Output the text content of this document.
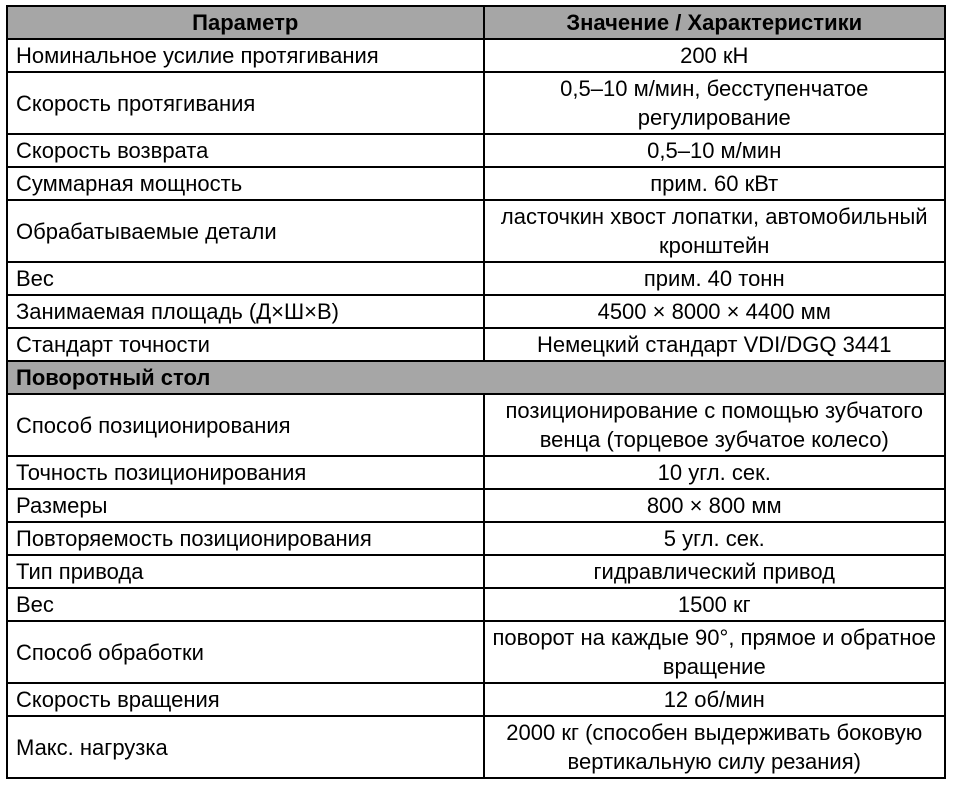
Параметр	Значение / Характеристики
Номинальное усилие протягивания	200 кН
Скорость протягивания	0,5–10 м/мин, бесступенчатое регулирование
Скорость возврата	0,5–10 м/мин
Суммарная мощность	прим. 60 кВт
Обрабатываемые детали	ласточкин хвост лопатки, автомобильный кронштейн
Вес	прим. 40 тонн
Занимаемая площадь (Д×Ш×В)	4500 × 8000 × 4400 мм
Стандарт точности	Немецкий стандарт VDI/DGQ 3441
Поворотный стол	
Способ позиционирования	позиционирование с помощью зубчатого венца (торцевое зубчатое колесо)
Точность позиционирования	10 угл. сек.
Размеры	800 × 800 мм
Повторяемость позиционирования	5 угл. сек.
Тип привода	гидравлический привод
Вес	1500 кг
Способ обработки	поворот на каждые 90°, прямое и обратное вращение
Скорость вращения	12 об/мин
Макс. нагрузка	2000 кг (способен выдерживать боковую вертикальную силу резания)
